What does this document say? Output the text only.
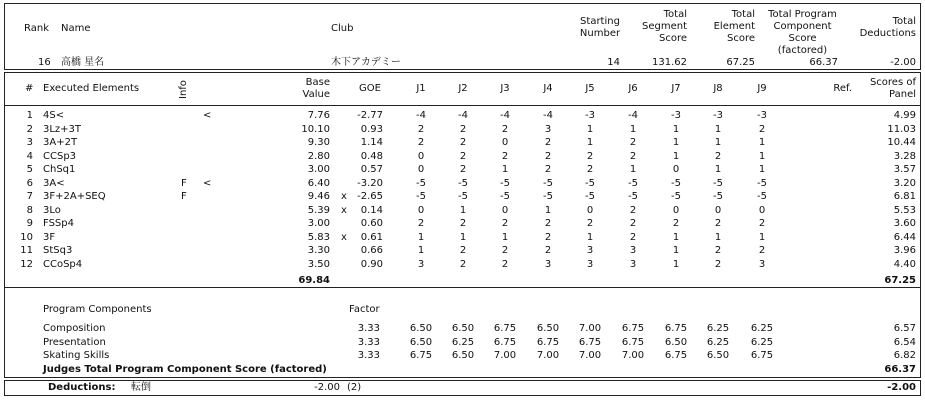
Rank Name	Club
Starting
Number
Total
Segment
Score
Total
Element
Score
Total Program
Component
Score
(factored)
Total
Deductions
16 高橋 星名	木下アカデミー	14	131.62	67.25	66.37	-2.00
# Executed Elements	Info	Base
Value
GOE	J1	J2	J3	J4	J5	J6	J7	J8	J9	Ref.
Scores of
Panel
1 4S<	<	7.76	-2.77	-4	-4	-4	-4	-3	-4	-3	-3	-3	4.99
2 3Lz+3T	10.10	0.93	2	2	2	3	1	1	1	1	2	11.03
3 3A+2T	9.30	1.14	2	2	0	2	1	2	1	1	1	10.44
4 CCSp3	2.80	0.48	0	2	2	2	2	2	1	2	1	3.28
5 ChSq1	3.00	0.57	0	2	1	2	2	1	0	1	1	3.57
6 3A<	F	<	6.40	-3.20	-5	-5	-5	-5	-5	-5	-5	-5	-5	3.20
7 3F+2A+SEQ	F	9.46 x	-2.65	-5	-5	-5	-5	-5	-5	-5	-5	-5	6.81
8 3Lo	5.39 x	0.14	0	1	0	1	0	2	0	0	0	5.53
9 FSSp4	3.00	0.60	2	2	2	2	2	2	2	2	2	3.60
10 3F	5.83 x	0.61	1	1	1	2	1	2	1	1	1	6.44
11 StSq3	3.30	0.66	1	2	2	2	3	3	1	2	2	3.96
12 CCoSp4	3.50	0.90	3	2	2	3	3	3	1	2	3	4.40
69.84	67.25
Program Components	Factor
Composition	3.33	6.50	6.50	6.75	6.50	7.00	6.75	6.75	6.25	6.25	6.57
Presentation	3.33	6.50	6.25	6.75	6.75	6.75	6.75	6.50	6.25	6.25	6.54
Skating Skills	3.33	6.75	6.50	7.00	7.00	7.00	7.00	6.75	6.50	6.75	6.82
Judges Total Program Component Score (factored)	66.37
Deductions: 転倒	-2.00 (2)	-2.00
